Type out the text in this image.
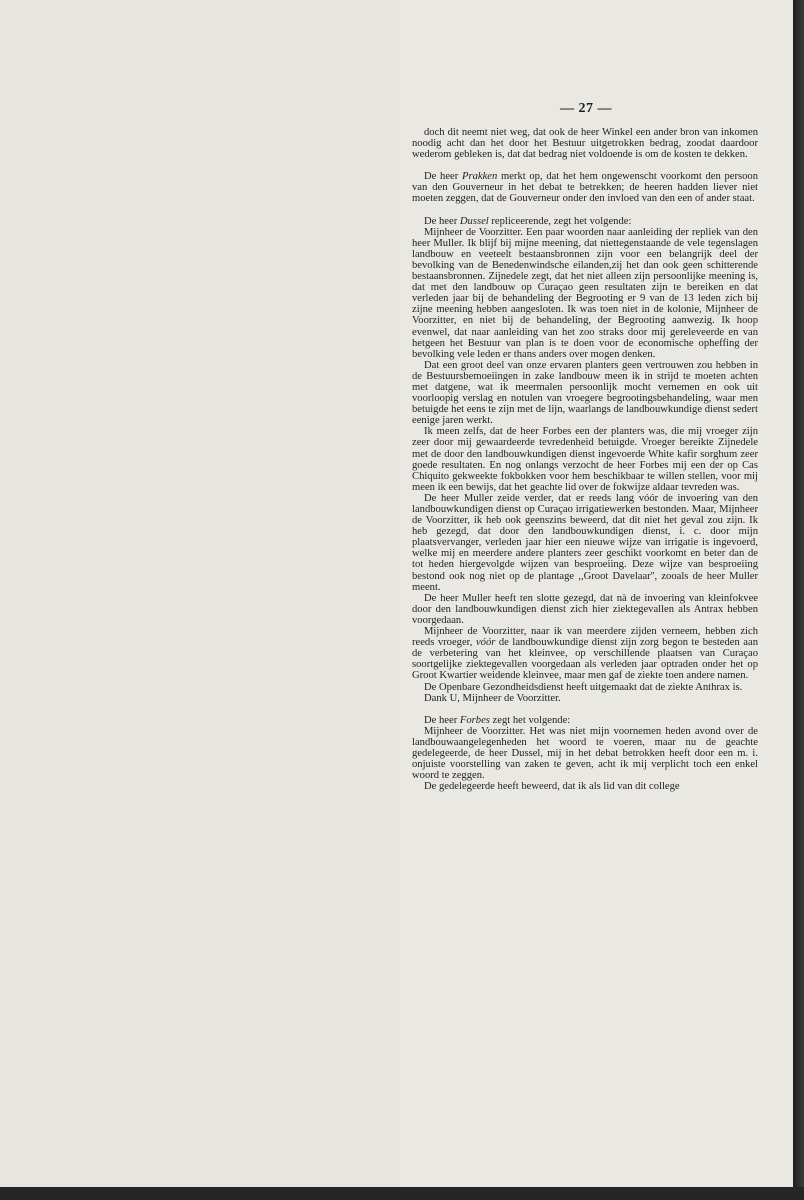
— 27 —

doch dit neemt niet weg, dat ook de heer Winkel een ander bron van inkomen noodig acht dan het door het Bestuur uitgetrokken bedrag, zoodat daardoor wederom gebleken is, dat dat bedrag niet voldoende is om de kosten te dekken.

De heer Prakken merkt op, dat het hem ongewenscht voorkomt den persoon van den Gouverneur in het debat te betrekken; de heeren hadden liever niet moeten zeggen, dat de Gouverneur onder den invloed van den een of ander staat.

De heer Dussel repliceerende, zegt het volgende:

Mijnheer de Voorzitter. Een paar woorden naar aanleiding der repliek van den heer Muller. Ik blijf bij mijne meening, dat niettegenstaande de vele tegenslagen landbouw en veeteelt bestaansbronnen zijn voor een belangrijk deel der bevolking van de Benedenwindsche eilanden,zij het dan ook geen schitterende bestaansbronnen. Zijnedele zegt, dat het niet alleen zijn persoonlijke meening is, dat met den landbouw op Curaçao geen resultaten zijn te bereiken en dat verleden jaar bij de behandeling der Begrooting er 9 van de 13 leden zich bij zijne meening hebben aangesloten. Ik was toen niet in de kolonie, Mijnheer de Voorzitter, en niet bij de behandeling, der Begrooting aanwezig. Ik hoop evenwel, dat naar aanleiding van het zoo straks door mij gereleveerde en van hetgeen het Bestuur van plan is te doen voor de economische opheffing der bevolking vele leden er thans anders over mogen denken.

Dat een groot deel van onze ervaren planters geen vertrouwen zou hebben in de Bestuursbemoeiingen in zake landbouw meen ik in strijd te moeten achten met datgene, wat ik meermalen persoonlijk mocht vernemen en ook uit voorloopig verslag en notulen van vroegere begrootingsbehandeling, waar men betuigde het eens te zijn met de lijn, waarlangs de landbouwkundige dienst sedert eenige jaren werkt.

Ik meen zelfs, dat de heer Forbes een der planters was, die mij vroeger zijn zeer door mij gewaardeerde tevredenheid betuigde. Vroeger bereikte Zijnedele met de door den landbouwkundigen dienst ingevoerde White kafir sorghum zeer goede resultaten. En nog onlangs verzocht de heer Forbes mij een der op Cas Chiquito gekweekte fokbokken voor hem beschikbaar te willen stellen, voor mij meen ik een bewijs, dat het geachte lid over de fokwijze aldaar tevreden was.

De heer Muller zeide verder, dat er reeds lang vóór de invoering van den landbouwkundigen dienst op Curaçao irrigatiewerken bestonden. Maar, Mijnheer de Voorzitter, ik heb ook geenszins beweerd, dat dit niet het geval zou zijn. Ik heb gezegd, dat door den landbouwkundigen dienst, i. c. door mijn plaatsvervanger, verleden jaar hier een nieuwe wijze van irrigatie is ingevoerd, welke mij en meerdere andere planters zeer geschikt voorkomt en beter dan de tot heden hiergevolgde wijzen van besproeiing. Deze wijze van besproeiing bestond ook nog niet op de plantage ,,Groot Davelaar'', zooals de heer Muller meent.

De heer Muller heeft ten slotte gezegd, dat nà de invoering van kleinfokvee door den landbouwkundigen dienst zich hier ziektegevallen als Antrax hebben voorgedaan.

Mijnheer de Voorzitter, naar ik van meerdere zijden verneem, hebben zich reeds vroeger, vóór de landbouwkundige dienst zijn zorg begon te besteden aan de verbetering van het kleinvee, op verschillende plaatsen van Curaçao soortgelijke ziektegevallen voorgedaan als verleden jaar optraden onder het op Groot Kwartier weidende kleinvee, maar men gaf de ziekte toen andere namen.

De Openbare Gezondheidsdienst heeft uitgemaakt dat de ziekte Anthrax is.

Dank U, Mijnheer de Voorzitter.

De heer Forbes zegt het volgende:

Mijnheer de Voorzitter. Het was niet mijn voornemen heden avond over de landbouwaangelegenheden het woord te voeren, maar nu de geachte gedelegeerde, de heer Dussel, mij in het debat betrokken heeft door een m. i. onjuiste voorstelling van zaken te geven, acht ik mij verplicht toch een enkel woord te zeggen.

De gedelegeerde heeft beweerd, dat ik als lid van dit college
